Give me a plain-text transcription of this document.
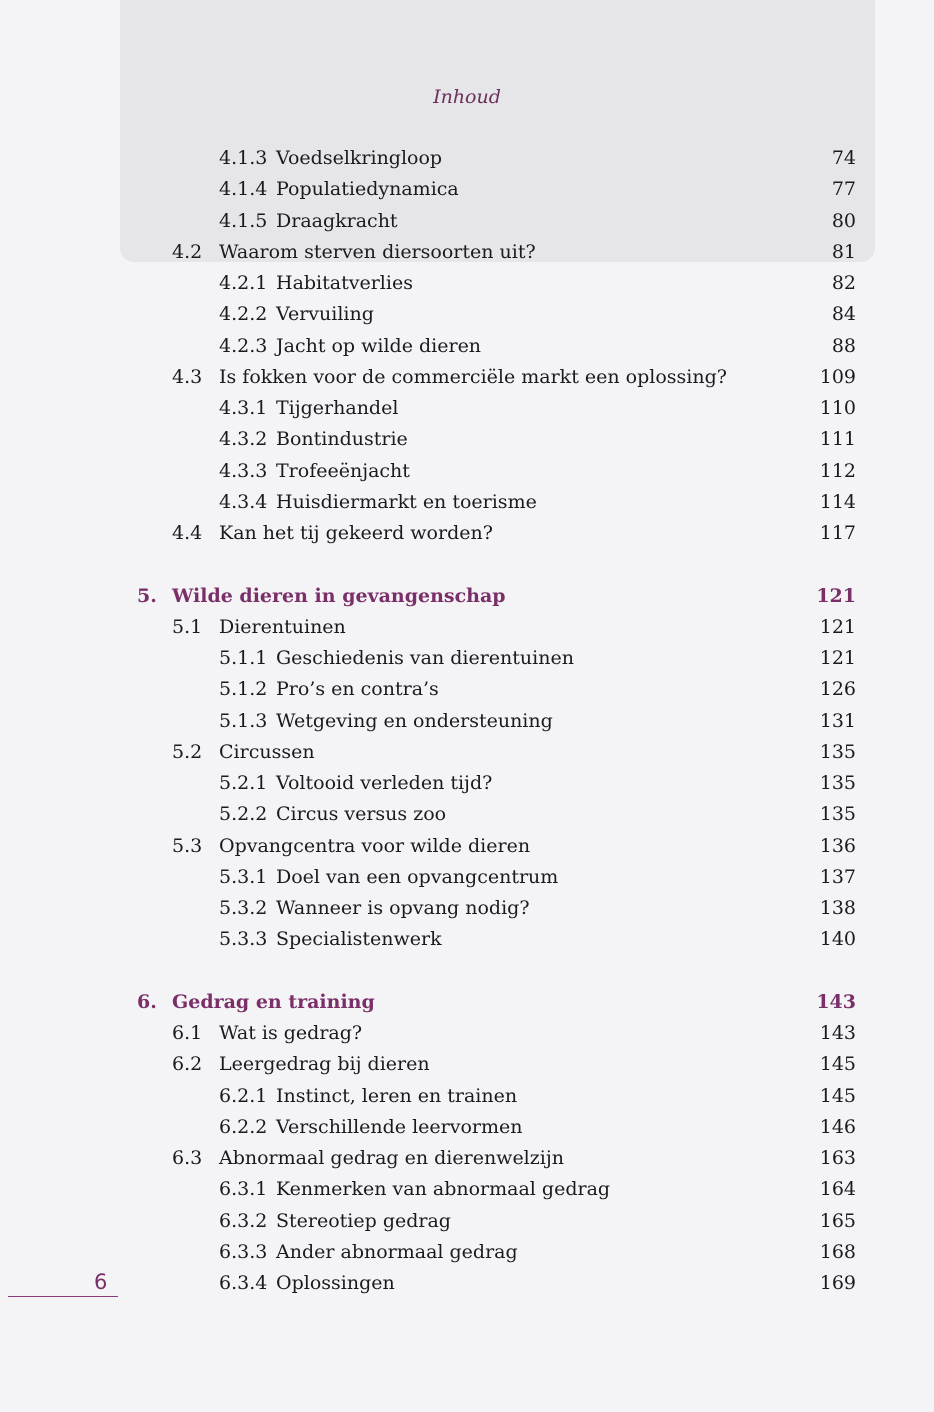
Inhoud
4.1.3 Voedselkringloop	74
4.1.4 Populatiedynamica	77
4.1.5 Draagkracht	80
4.2 Waarom sterven diersoorten uit?	81
4.2.1 Habitatverlies	82
4.2.2 Vervuiling	84
4.2.3 Jacht op wilde dieren	88
4.3 Is fokken voor de commerciële markt een oplossing?	109
4.3.1 Tijgerhandel	110
4.3.2 Bontindustrie	111
4.3.3 Trofeeënjacht	112
4.3.4 Huisdiermarkt en toerisme	114
4.4 Kan het tij gekeerd worden?	117
5. Wilde dieren in gevangenschap	121
5.1 Dierentuinen	121
5.1.1 Geschiedenis van dierentuinen	121
5.1.2 Pro’s en contra’s	126
5.1.3 Wetgeving en ondersteuning	131
5.2 Circussen	135
5.2.1 Voltooid verleden tijd?	135
5.2.2 Circus versus zoo	135
5.3 Opvangcentra voor wilde dieren	136
5.3.1 Doel van een opvangcentrum	137
5.3.2 Wanneer is opvang nodig?	138
5.3.3 Specialistenwerk	140
6. Gedrag en training	143
6.1 Wat is gedrag?	143
6.2 Leergedrag bij dieren	145
6.2.1 Instinct, leren en trainen	145
6.2.2 Verschillende leervormen	146
6.3 Abnormaal gedrag en dierenwelzijn	163
6.3.1 Kenmerken van abnormaal gedrag	164
6.3.2 Stereotiep gedrag	165
6.3.3 Ander abnormaal gedrag	168
6.3.4 Oplossingen	169
6
